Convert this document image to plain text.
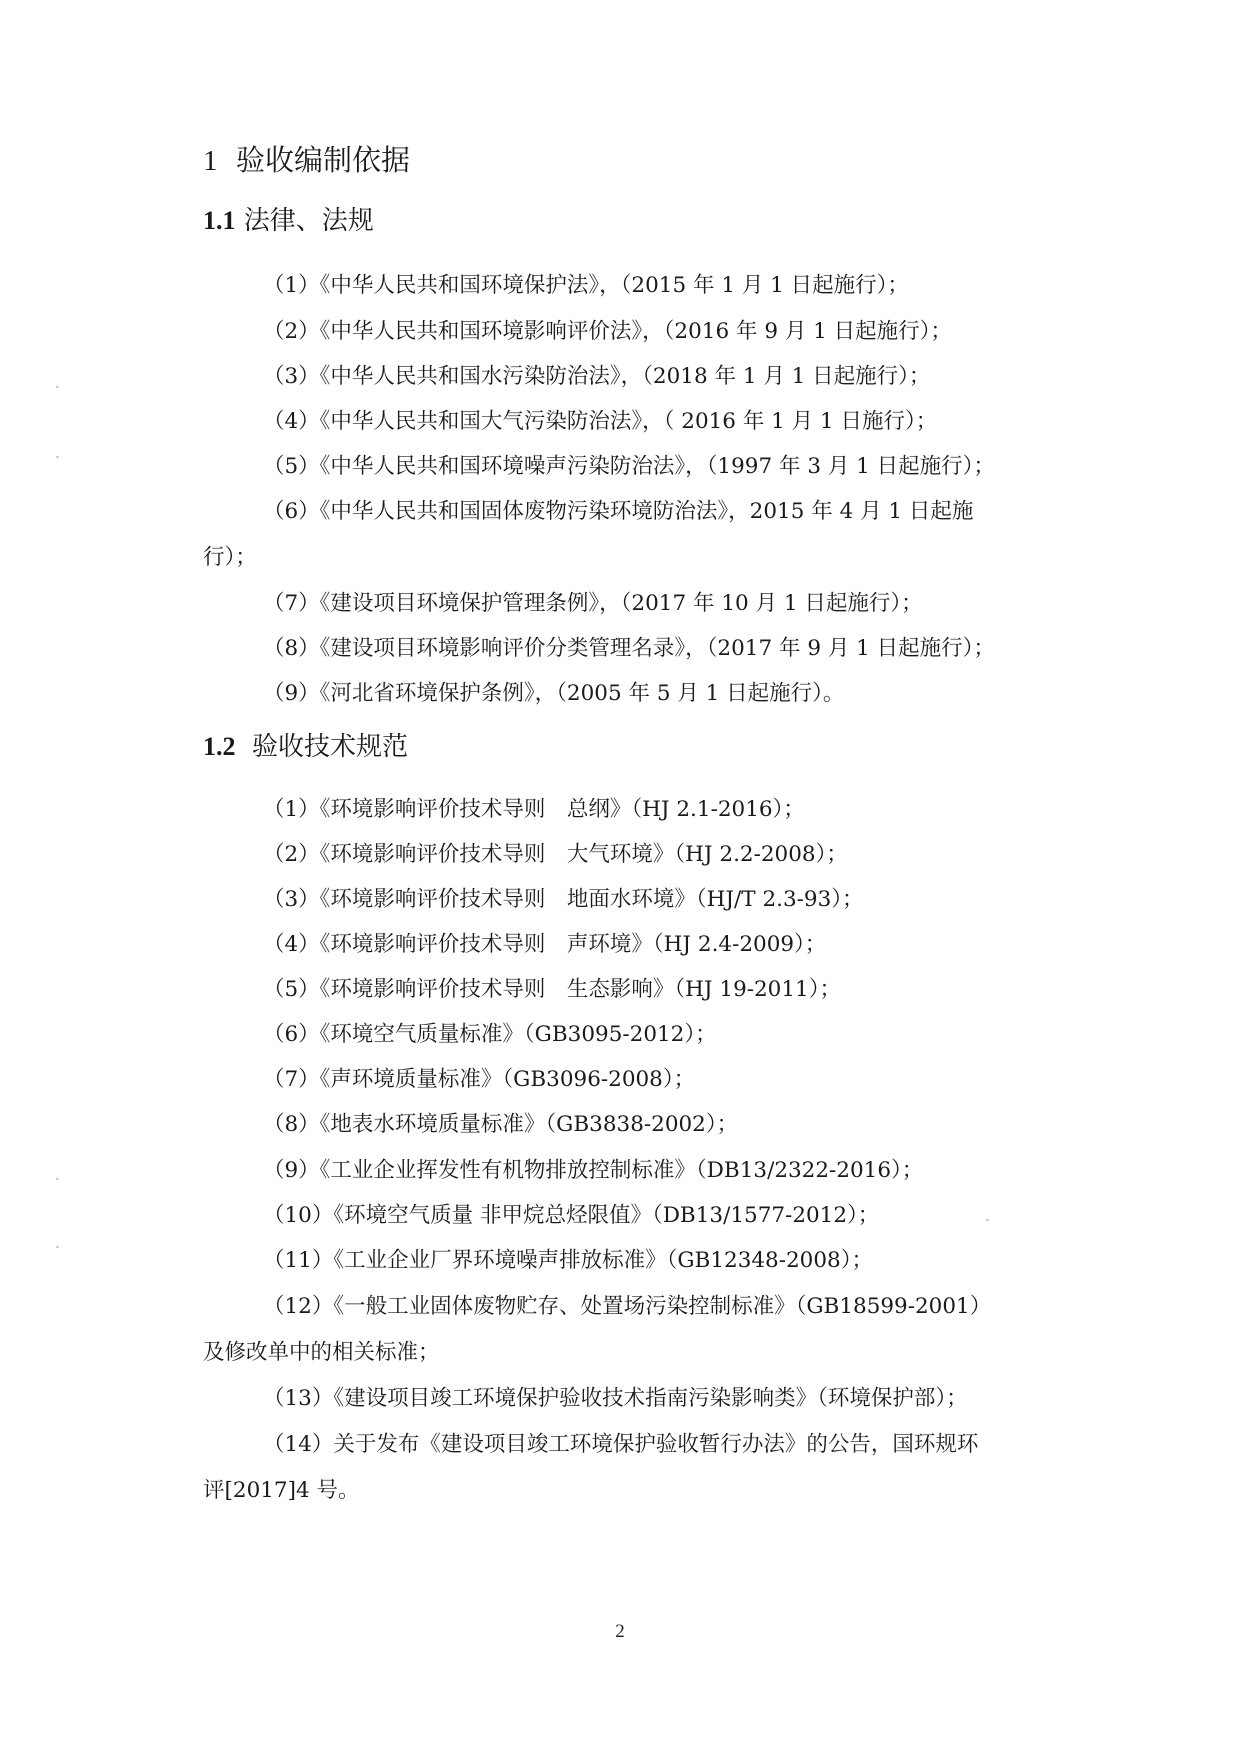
1 验收编制依据
1.1 法律、法规
（1）《中华人民共和国环境保护法》，（2015 年 1 月 1 日起施行）；
（2）《中华人民共和国环境影响评价法》，（2016 年 9 月 1 日起施行）；
（3）《中华人民共和国水污染防治法》，（2018 年 1 月 1 日起施行）；
（4）《中华人民共和国大气污染防治法》，（ 2016 年 1 月 1 日施行）；
（5）《中华人民共和国环境噪声污染防治法》，（1997 年 3 月 1 日起施行）；
（6）《中华人民共和国固体废物污染环境防治法》，2015 年 4 月 1 日起施
行）；
（7）《建设项目环境保护管理条例》，（2017 年 10 月 1 日起施行）；
（8）《建设项目环境影响评价分类管理名录》，（2017 年 9 月 1 日起施行）；
（9）《河北省环境保护条例》，（2005 年 5 月 1 日起施行）。
1.2 验收技术规范
（1）《环境影响评价技术导则　总纲》（HJ 2.1-2016）；
（2）《环境影响评价技术导则　大气环境》（HJ 2.2-2008）；
（3）《环境影响评价技术导则　地面水环境》（HJ/T 2.3-93）；
（4）《环境影响评价技术导则　声环境》（HJ 2.4-2009）；
（5）《环境影响评价技术导则　生态影响》（HJ 19-2011）；
（6）《环境空气质量标准》（GB3095-2012）；
（7）《声环境质量标准》（GB3096-2008）；
（8）《地表水环境质量标准》（GB3838-2002）；
（9）《工业企业挥发性有机物排放控制标准》（DB13/2322-2016）；
（10）《环境空气质量 非甲烷总烃限值》（DB13/1577-2012）；
（11）《工业企业厂界环境噪声排放标准》（GB12348-2008）；
（12）《一般工业固体废物贮存、处置场污染控制标准》（GB18599-2001）
及修改单中的相关标准；
（13）《建设项目竣工环境保护验收技术指南污染影响类》（环境保护部）；
（14）关于发布《建设项目竣工环境保护验收暂行办法》的公告，国环规环
评[2017]4 号。
2
